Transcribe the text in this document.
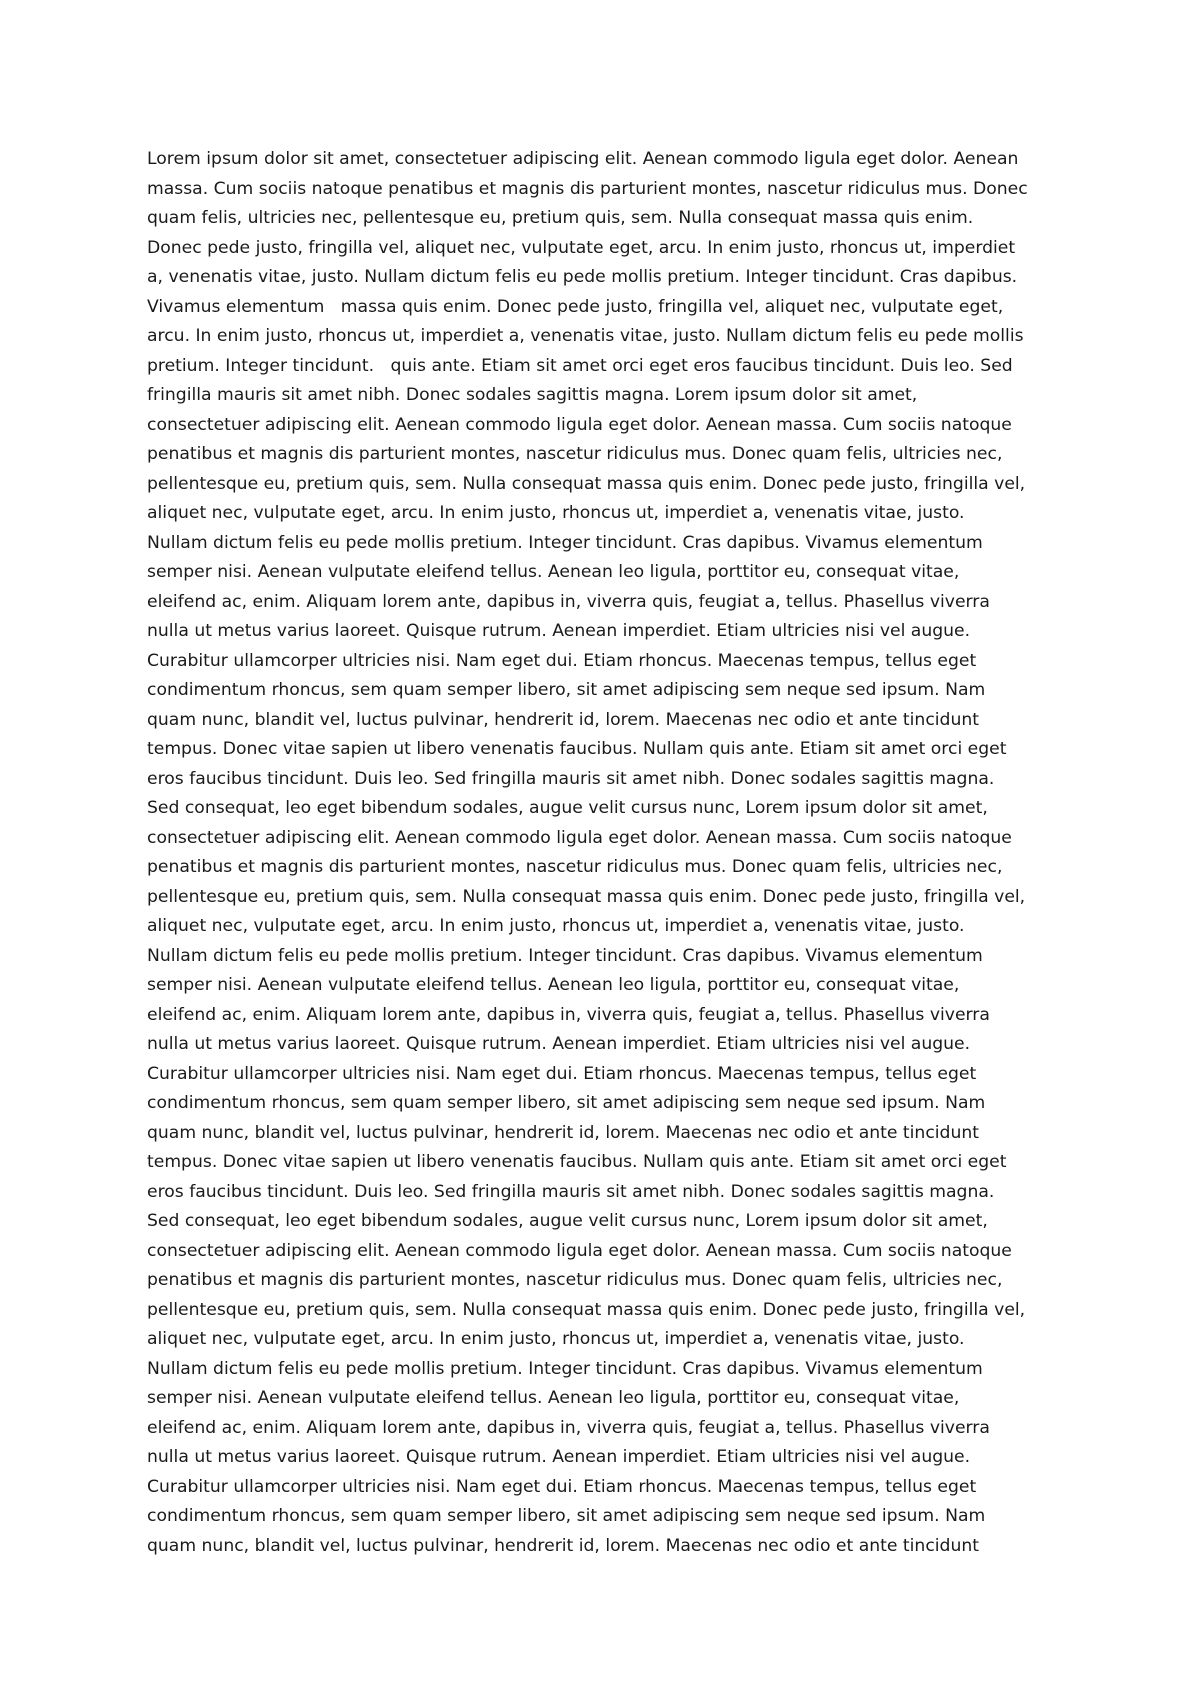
Lorem ipsum dolor sit amet, consectetuer adipiscing elit. Aenean commodo ligula eget dolor. Aenean
massa. Cum sociis natoque penatibus et magnis dis parturient montes, nascetur ridiculus mus. Donec
quam felis, ultricies nec, pellentesque eu, pretium quis, sem. Nulla consequat massa quis enim.
Donec pede justo, fringilla vel, aliquet nec, vulputate eget, arcu. In enim justo, rhoncus ut, imperdiet
a, venenatis vitae, justo. Nullam dictum felis eu pede mollis pretium. Integer tincidunt. Cras dapibus.
Vivamus elementum   massa quis enim. Donec pede justo, fringilla vel, aliquet nec, vulputate eget,
arcu. In enim justo, rhoncus ut, imperdiet a, venenatis vitae, justo. Nullam dictum felis eu pede mollis
pretium. Integer tincidunt.   quis ante. Etiam sit amet orci eget eros faucibus tincidunt. Duis leo. Sed
fringilla mauris sit amet nibh. Donec sodales sagittis magna. Lorem ipsum dolor sit amet,
consectetuer adipiscing elit. Aenean commodo ligula eget dolor. Aenean massa. Cum sociis natoque
penatibus et magnis dis parturient montes, nascetur ridiculus mus. Donec quam felis, ultricies nec,
pellentesque eu, pretium quis, sem. Nulla consequat massa quis enim. Donec pede justo, fringilla vel,
aliquet nec, vulputate eget, arcu. In enim justo, rhoncus ut, imperdiet a, venenatis vitae, justo.
Nullam dictum felis eu pede mollis pretium. Integer tincidunt. Cras dapibus. Vivamus elementum
semper nisi. Aenean vulputate eleifend tellus. Aenean leo ligula, porttitor eu, consequat vitae,
eleifend ac, enim. Aliquam lorem ante, dapibus in, viverra quis, feugiat a, tellus. Phasellus viverra
nulla ut metus varius laoreet. Quisque rutrum. Aenean imperdiet. Etiam ultricies nisi vel augue.
Curabitur ullamcorper ultricies nisi. Nam eget dui. Etiam rhoncus. Maecenas tempus, tellus eget
condimentum rhoncus, sem quam semper libero, sit amet adipiscing sem neque sed ipsum. Nam
quam nunc, blandit vel, luctus pulvinar, hendrerit id, lorem. Maecenas nec odio et ante tincidunt
tempus. Donec vitae sapien ut libero venenatis faucibus. Nullam quis ante. Etiam sit amet orci eget
eros faucibus tincidunt. Duis leo. Sed fringilla mauris sit amet nibh. Donec sodales sagittis magna.
Sed consequat, leo eget bibendum sodales, augue velit cursus nunc, Lorem ipsum dolor sit amet,
consectetuer adipiscing elit. Aenean commodo ligula eget dolor. Aenean massa. Cum sociis natoque
penatibus et magnis dis parturient montes, nascetur ridiculus mus. Donec quam felis, ultricies nec,
pellentesque eu, pretium quis, sem. Nulla consequat massa quis enim. Donec pede justo, fringilla vel,
aliquet nec, vulputate eget, arcu. In enim justo, rhoncus ut, imperdiet a, venenatis vitae, justo.
Nullam dictum felis eu pede mollis pretium. Integer tincidunt. Cras dapibus. Vivamus elementum
semper nisi. Aenean vulputate eleifend tellus. Aenean leo ligula, porttitor eu, consequat vitae,
eleifend ac, enim. Aliquam lorem ante, dapibus in, viverra quis, feugiat a, tellus. Phasellus viverra
nulla ut metus varius laoreet. Quisque rutrum. Aenean imperdiet. Etiam ultricies nisi vel augue.
Curabitur ullamcorper ultricies nisi. Nam eget dui. Etiam rhoncus. Maecenas tempus, tellus eget
condimentum rhoncus, sem quam semper libero, sit amet adipiscing sem neque sed ipsum. Nam
quam nunc, blandit vel, luctus pulvinar, hendrerit id, lorem. Maecenas nec odio et ante tincidunt
tempus. Donec vitae sapien ut libero venenatis faucibus. Nullam quis ante. Etiam sit amet orci eget
eros faucibus tincidunt. Duis leo. Sed fringilla mauris sit amet nibh. Donec sodales sagittis magna.
Sed consequat, leo eget bibendum sodales, augue velit cursus nunc, Lorem ipsum dolor sit amet,
consectetuer adipiscing elit. Aenean commodo ligula eget dolor. Aenean massa. Cum sociis natoque
penatibus et magnis dis parturient montes, nascetur ridiculus mus. Donec quam felis, ultricies nec,
pellentesque eu, pretium quis, sem. Nulla consequat massa quis enim. Donec pede justo, fringilla vel,
aliquet nec, vulputate eget, arcu. In enim justo, rhoncus ut, imperdiet a, venenatis vitae, justo.
Nullam dictum felis eu pede mollis pretium. Integer tincidunt. Cras dapibus. Vivamus elementum
semper nisi. Aenean vulputate eleifend tellus. Aenean leo ligula, porttitor eu, consequat vitae,
eleifend ac, enim. Aliquam lorem ante, dapibus in, viverra quis, feugiat a, tellus. Phasellus viverra
nulla ut metus varius laoreet. Quisque rutrum. Aenean imperdiet. Etiam ultricies nisi vel augue.
Curabitur ullamcorper ultricies nisi. Nam eget dui. Etiam rhoncus. Maecenas tempus, tellus eget
condimentum rhoncus, sem quam semper libero, sit amet adipiscing sem neque sed ipsum. Nam
quam nunc, blandit vel, luctus pulvinar, hendrerit id, lorem. Maecenas nec odio et ante tincidunt
